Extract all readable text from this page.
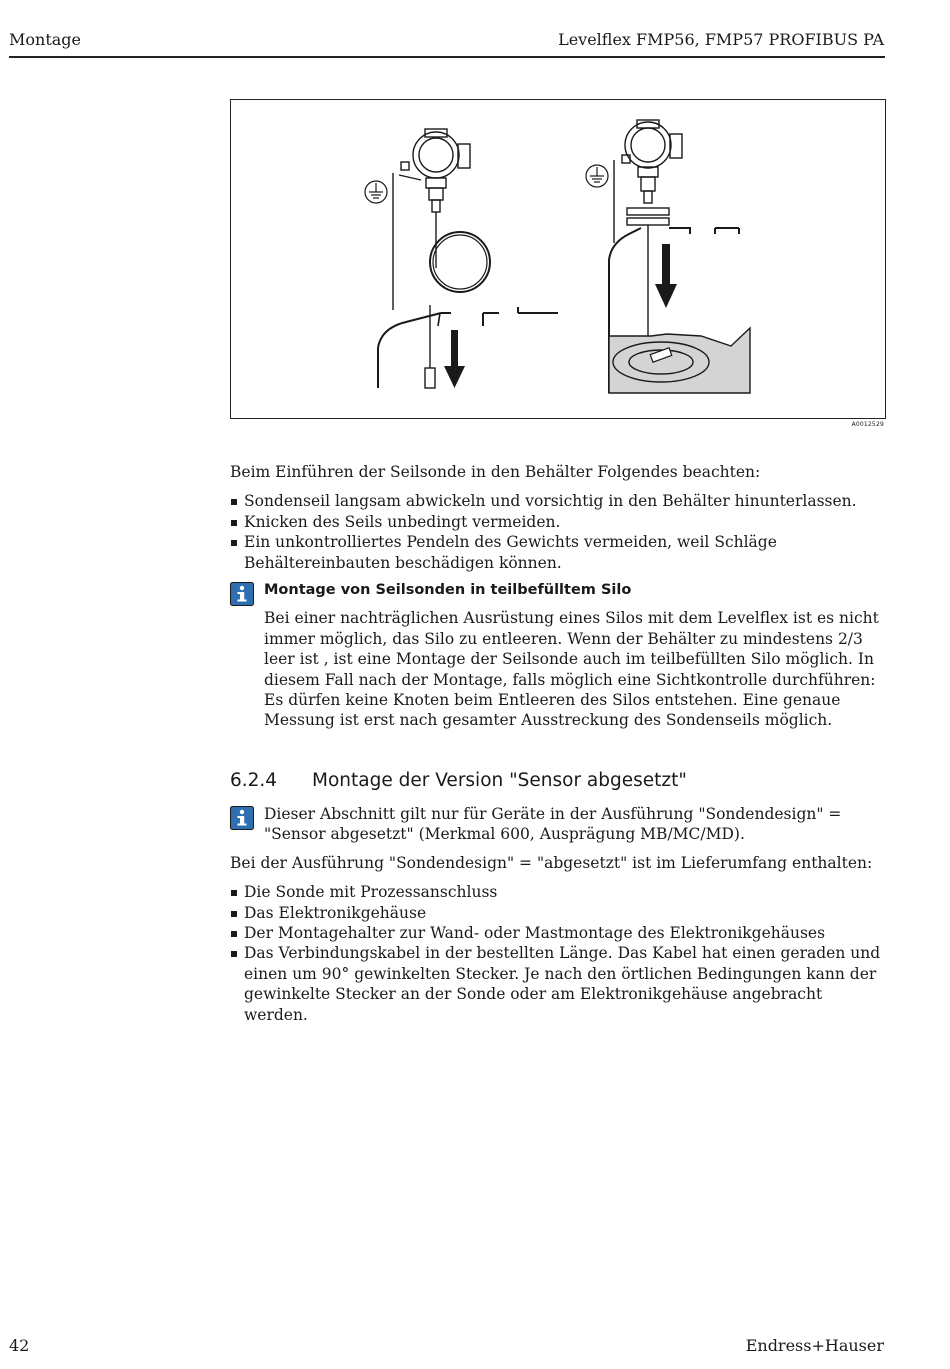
Montage	Levelflex FMP56, FMP57 PROFIBUS PA
A0012529

Beim Einführen der Seilsonde in den Behälter Folgendes beachten:

Sondenseil langsam abwickeln und vorsichtig in den Behälter hinunterlassen.
Knicken des Seils unbedingt vermeiden.
Ein unkontrolliertes Pendeln des Gewichts vermeiden, weil Schläge Behältereinbauten beschädigen können.

Montage von Seilsonden in teilbefülltem Silo

Bei einer nachträglichen Ausrüstung eines Silos mit dem Levelflex ist es nicht immer möglich, das Silo zu entleeren. Wenn der Behälter zu mindestens 2/3 leer ist , ist eine Montage der Seilsonde auch im teilbefüllten Silo möglich. In diesem Fall nach der Montage, falls möglich eine Sichtkontrolle durchführen: Es dürfen keine Knoten beim Entleeren des Silos entstehen. Eine genaue Messung ist erst nach gesamter Ausstreckung des Sondenseils möglich.

6.2.4 Montage der Version "Sensor abgesetzt"

Dieser Abschnitt gilt nur für Geräte in der Ausführung "Sondendesign" = "Sensor abgesetzt" (Merkmal 600, Ausprägung MB/MC/MD).

Bei der Ausführung "Sondendesign" = "abgesetzt" ist im Lieferumfang enthalten:

Die Sonde mit Prozessanschluss
Das Elektronikgehäuse
Der Montagehalter zur Wand- oder Mastmontage des Elektronikgehäuses
Das Verbindungskabel in der bestellten Länge. Das Kabel hat einen geraden und einen um 90° gewinkelten Stecker. Je nach den örtlichen Bedingungen kann der gewinkelte Stecker an der Sonde oder am Elektronikgehäuse angebracht werden.
42	Endress+Hauser
